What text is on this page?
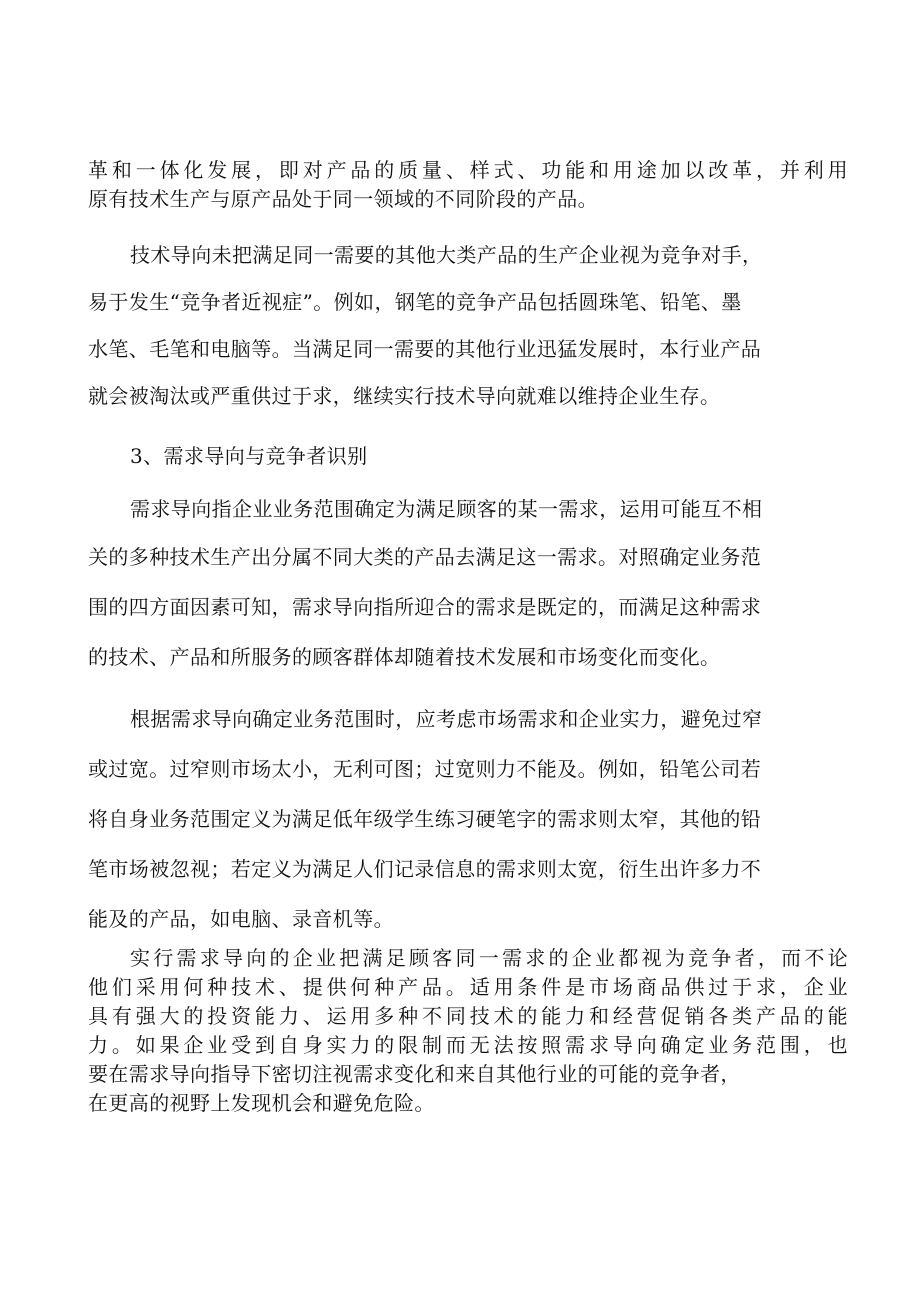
革和一体化发展，即对产品的质量、样式、功能和用途加以改革，并利用
原有技术生产与原产品处于同一领域的不同阶段的产品。
技术导向未把满足同一需要的其他大类产品的生产企业视为竞争对手，
易于发生“竞争者近视症”。例如，钢笔的竞争产品包括圆珠笔、铅笔、墨
水笔、毛笔和电脑等。当满足同一需要的其他行业迅猛发展时，本行业产品
就会被淘汰或严重供过于求，继续实行技术导向就难以维持企业生存。
3、需求导向与竞争者识别
需求导向指企业业务范围确定为满足顾客的某一需求，运用可能互不相
关的多种技术生产出分属不同大类的产品去满足这一需求。对照确定业务范
围的四方面因素可知，需求导向指所迎合的需求是既定的，而满足这种需求
的技术、产品和所服务的顾客群体却随着技术发展和市场变化而变化。
根据需求导向确定业务范围时，应考虑市场需求和企业实力，避免过窄
或过宽。过窄则市场太小，无利可图；过宽则力不能及。例如，铅笔公司若
将自身业务范围定义为满足低年级学生练习硬笔字的需求则太窄，其他的铅
笔市场被忽视；若定义为满足人们记录信息的需求则太宽，衍生出许多力不
能及的产品，如电脑、录音机等。
实行需求导向的企业把满足顾客同一需求的企业都视为竞争者，而不论
他们采用何种技术、提供何种产品。适用条件是市场商品供过于求，企业
具有强大的投资能力、运用多种不同技术的能力和经营促销各类产品的能
力。如果企业受到自身实力的限制而无法按照需求导向确定业务范围，也
要在需求导向指导下密切注视需求变化和来自其他行业的可能的竞争者，
在更高的视野上发现机会和避免危险。
